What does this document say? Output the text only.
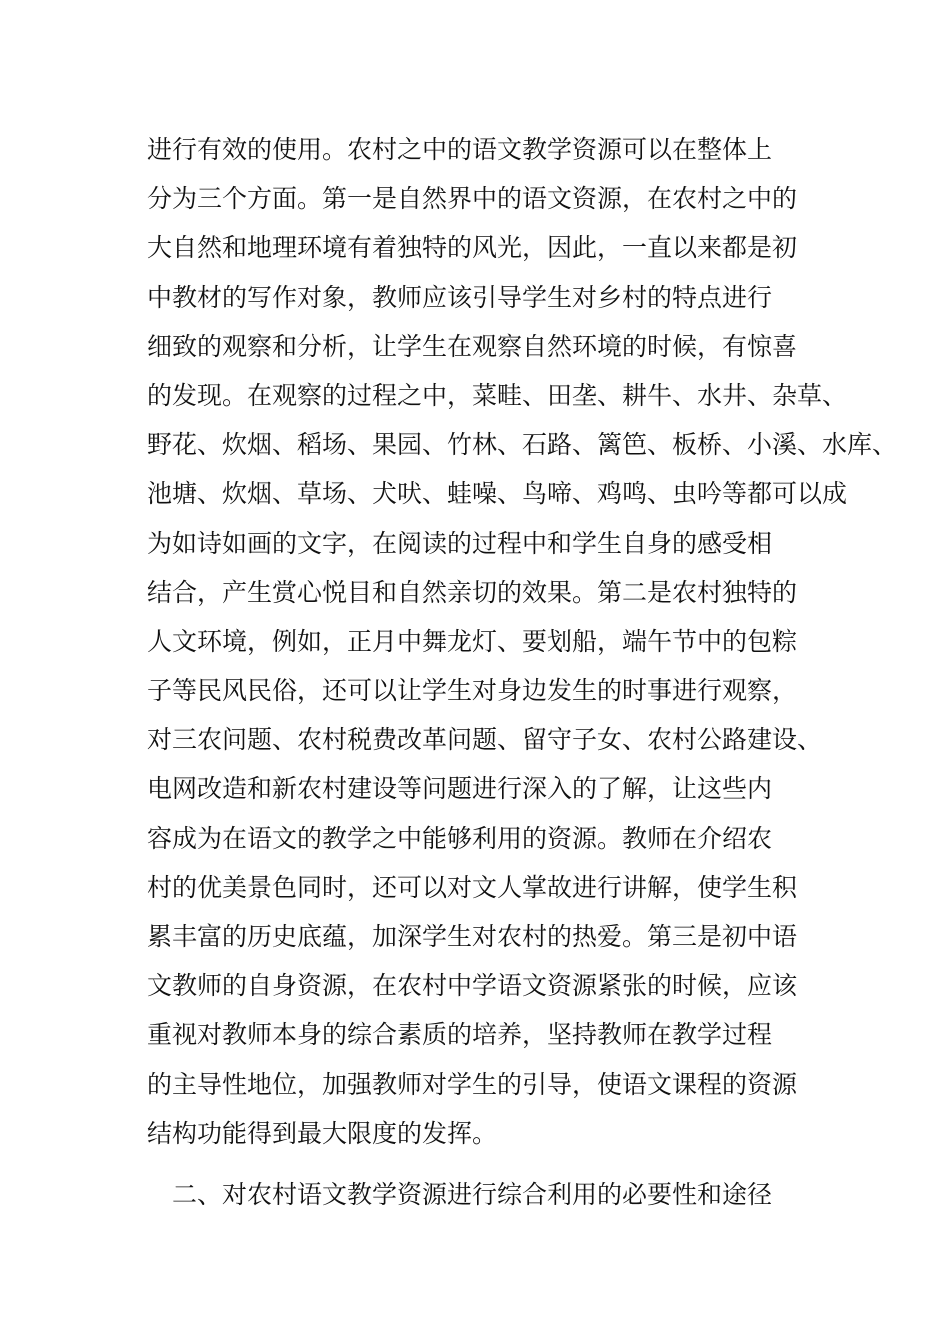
进行有效的使用。农村之中的语文教学资源可以在整体上
分为三个方面。第一是自然界中的语文资源，在农村之中的
大自然和地理环境有着独特的风光，因此，一直以来都是初
中教材的写作对象，教师应该引导学生对乡村的特点进行
细致的观察和分析，让学生在观察自然环境的时候，有惊喜
的发现。在观察的过程之中，菜畦、田垄、耕牛、水井、杂草、
野花、炊烟、稻场、果园、竹林、石路、篱笆、板桥、小溪、水库、
池塘、炊烟、草场、犬吠、蛙噪、鸟啼、鸡鸣、虫吟等都可以成
为如诗如画的文字，在阅读的过程中和学生自身的感受相
结合，产生赏心悦目和自然亲切的效果。第二是农村独特的
人文环境，例如，正月中舞龙灯、要划船，端午节中的包粽
子等民风民俗，还可以让学生对身边发生的时事进行观察，
对三农问题、农村税费改革问题、留守子女、农村公路建设、
电网改造和新农村建设等问题进行深入的了解，让这些内
容成为在语文的教学之中能够利用的资源。教师在介绍农
村的优美景色同时，还可以对文人掌故进行讲解，使学生积
累丰富的历史底蕴，加深学生对农村的热爱。第三是初中语
文教师的自身资源，在农村中学语文资源紧张的时候，应该
重视对教师本身的综合素质的培养，坚持教师在教学过程
的主导性地位，加强教师对学生的引导，使语文课程的资源
结构功能得到最大限度的发挥。
二、对农村语文教学资源进行综合利用的必要性和途径
